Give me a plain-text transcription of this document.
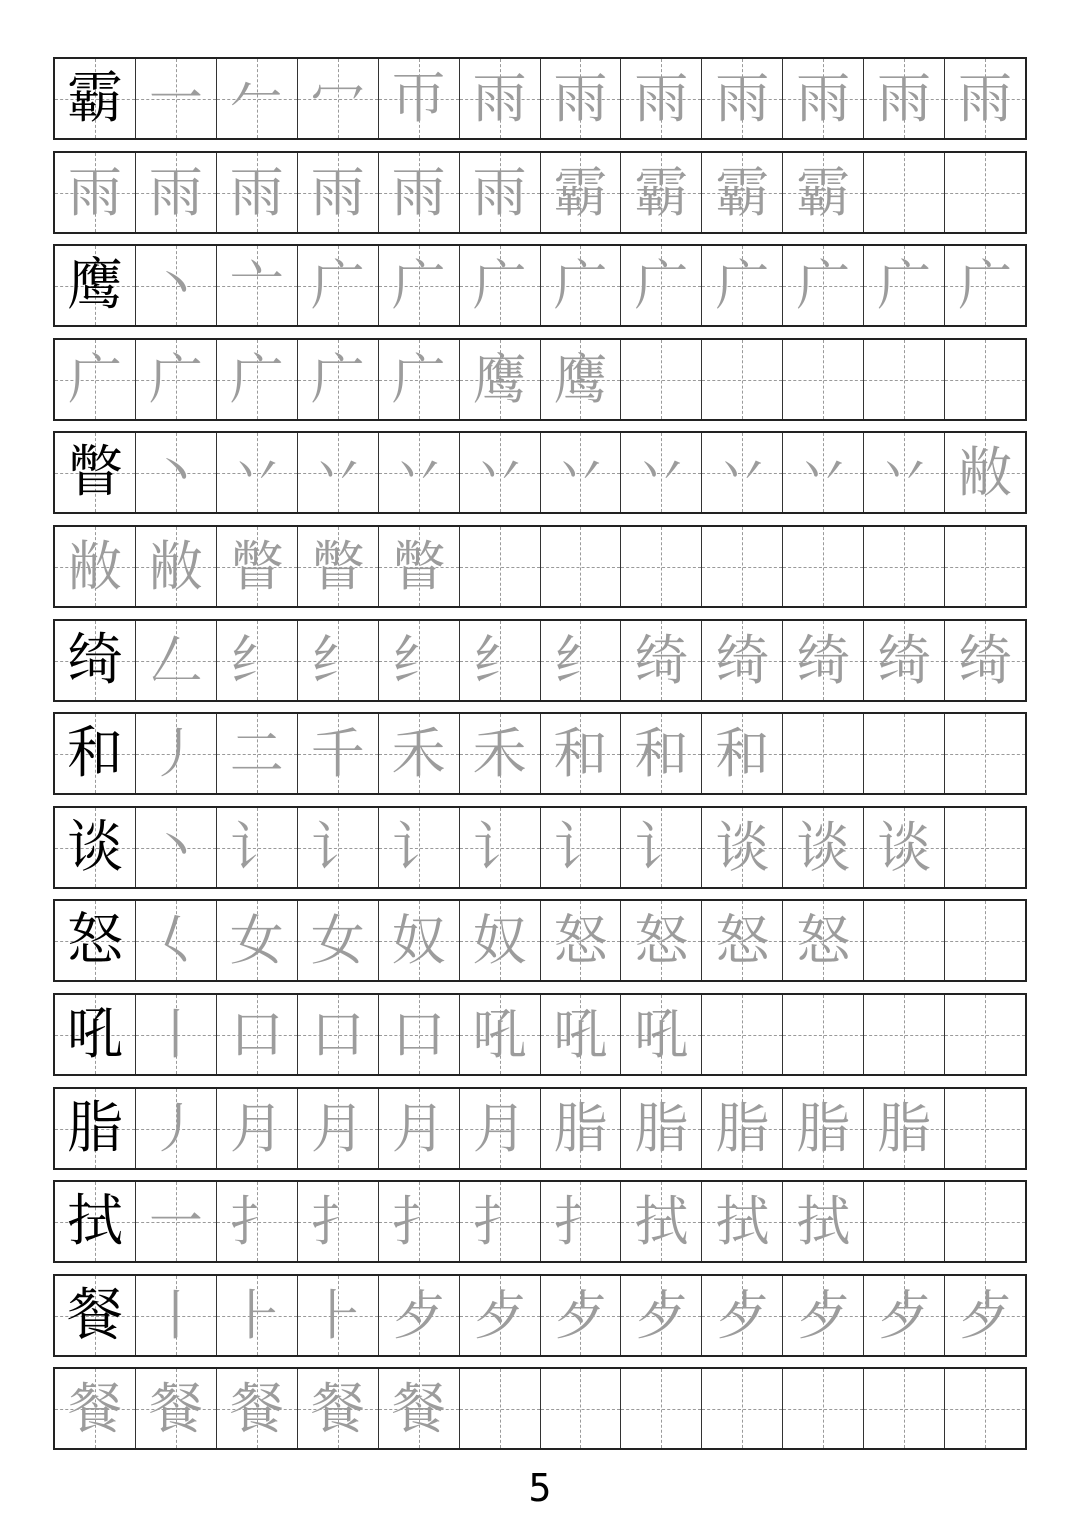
霸 一 𠂉 冖 帀 雨 雨 雨 雨 雨 雨 雨
雨 雨 雨 雨 雨 雨 霸 霸 霸 霸
鹰 丶 亠 广 广 广 广 广 广 广 广 广
广 广 广 广 广 鹰 鹰
瞥 丶 丷 丷 丷 丷 丷 丷 丷 丷 丷 敝
敝 敝 瞥 瞥 瞥
绮 𠃋 纟 纟 纟 纟 纟 绮 绮 绮 绮 绮
和 丿 二 千 禾 禾 和 和 和
谈 丶 讠 讠 讠 讠 讠 讠 谈 谈 谈
怒 𡿨 女 女 奴 奴 怒 怒 怒 怒
吼 丨 口 口 口 吼 吼 吼
脂 丿 月 月 月 月 脂 脂 脂 脂 脂
拭 一 扌 扌 扌 扌 扌 拭 拭 拭
餐 丨 ⺊ ⺊ 歺 歺 歺 歺 歺 歺 歺 歺
餐 餐 餐 餐 餐
5
